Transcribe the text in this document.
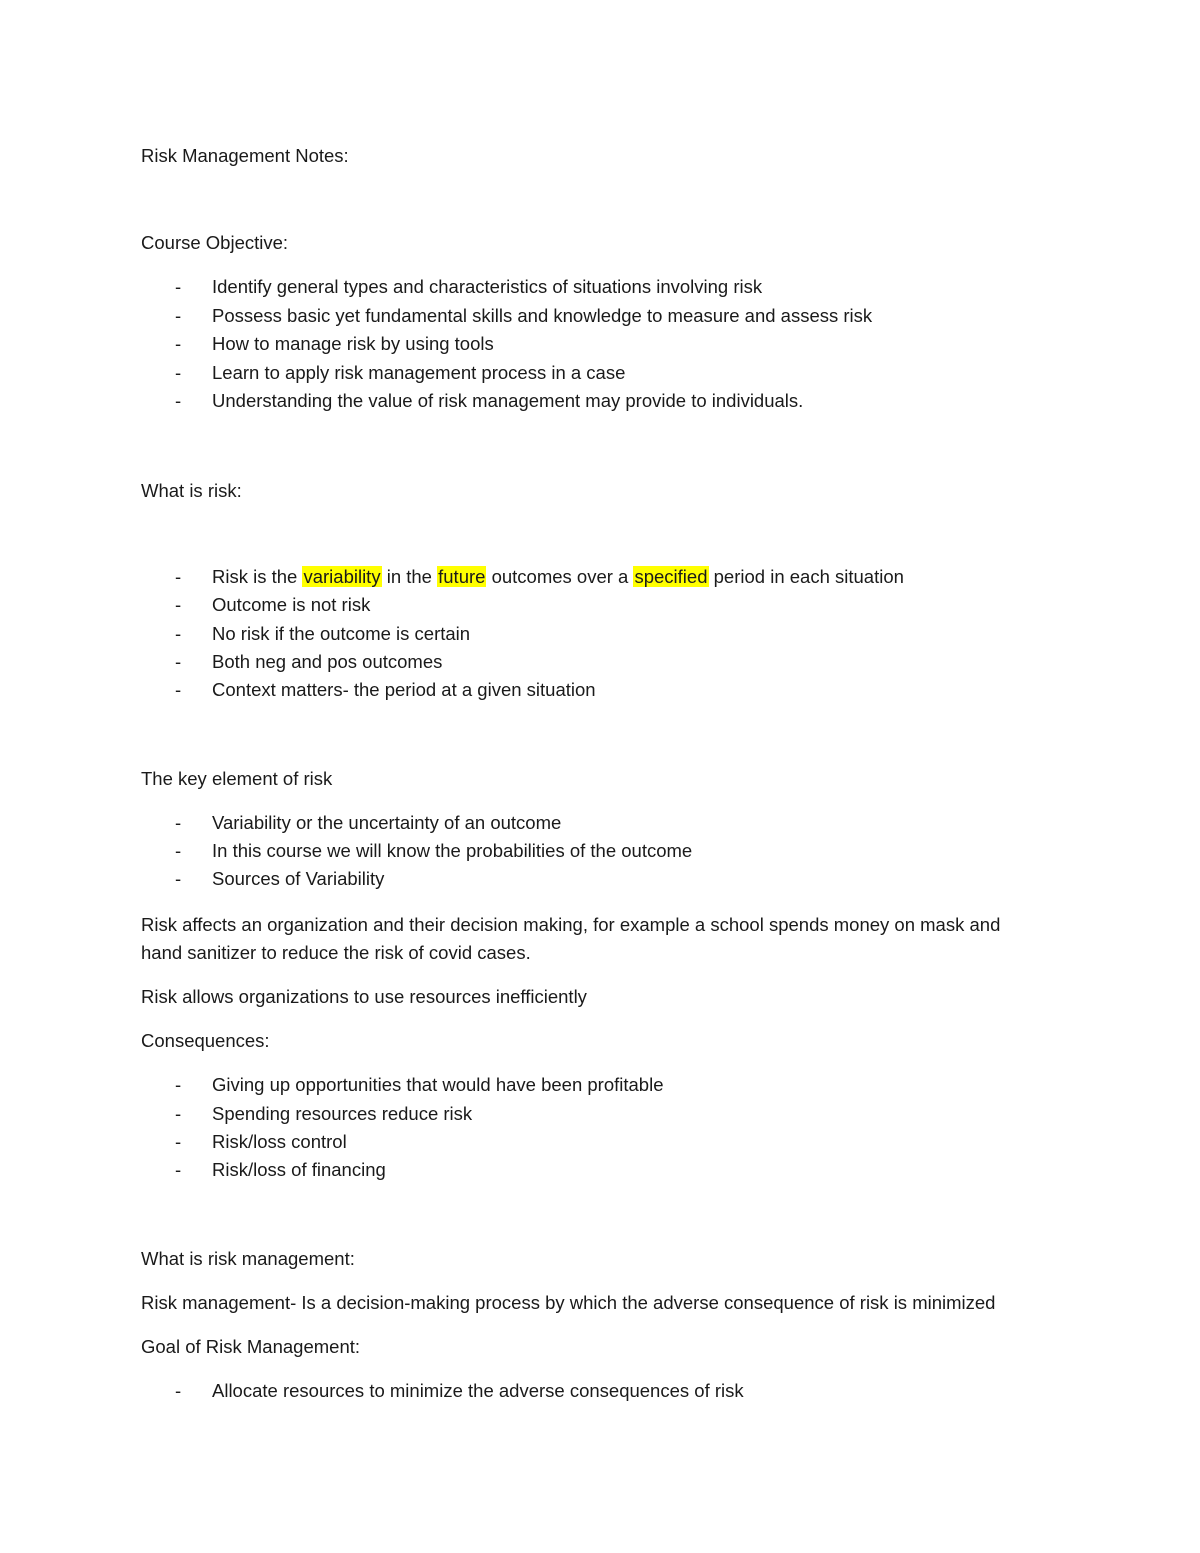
Risk Management Notes:
Course Objective:
- Identify general types and characteristics of situations involving risk
- Possess basic yet fundamental skills and knowledge to measure and assess risk
- How to manage risk by using tools
- Learn to apply risk management process in a case
- Understanding the value of risk management may provide to individuals.
What is risk:
- Risk is the variability in the future outcomes over a specified period in each situation
- Outcome is not risk
- No risk if the outcome is certain
- Both neg and pos outcomes
- Context matters- the period at a given situation
The key element of risk
- Variability or the uncertainty of an outcome
- In this course we will know the probabilities of the outcome
- Sources of Variability
Risk affects an organization and their decision making, for example a school spends money on mask and
hand sanitizer to reduce the risk of covid cases.
Risk allows organizations to use resources inefficiently
Consequences:
- Giving up opportunities that would have been profitable
- Spending resources reduce risk
- Risk/loss control
- Risk/loss of financing
What is risk management:
Risk management- Is a decision-making process by which the adverse consequence of risk is minimized
Goal of Risk Management:
- Allocate resources to minimize the adverse consequences of risk
